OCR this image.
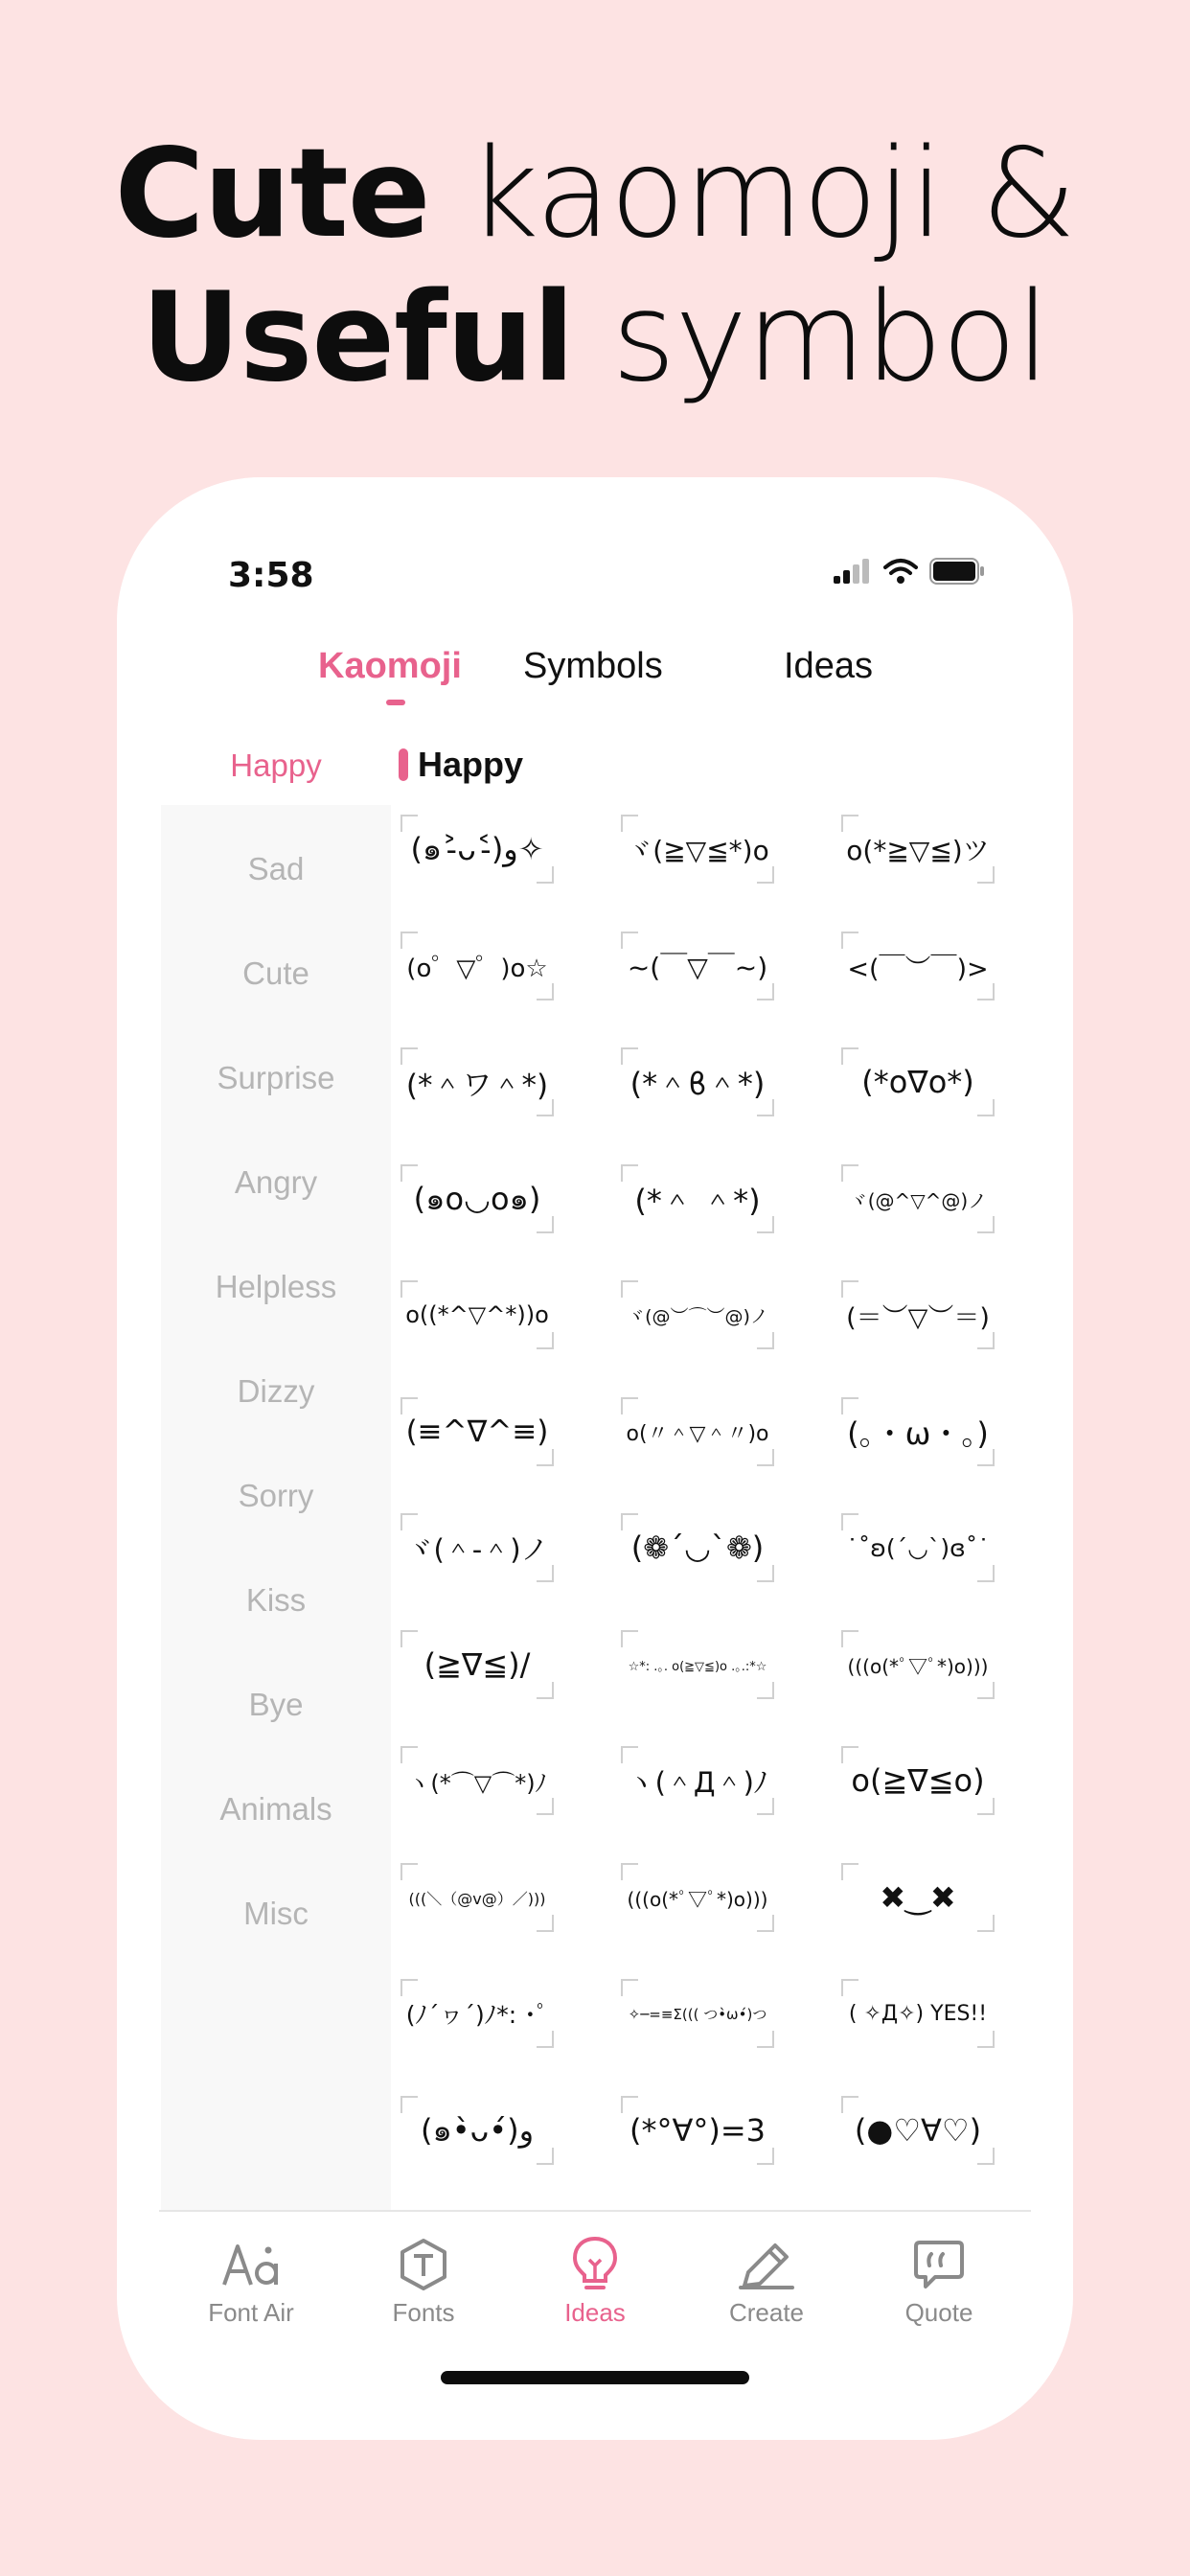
Cute kaomoji &
Useful symbol
3:58
Kaomoji Symbols	Ideas
Happy
Sad
Cute
Surprise
Angry
Helpless
Dizzy
Sorry
Kiss
Bye
Animals
Misc
Happy
(๑˃̵ᴗ˂̵)و✧	ヾ(≧▽≦*)o	o(*≧▽≦)ツ
(o゜▽゜)o☆	~(￣▽￣~)	<(￣︶￣)>
(*＾ワ＾*)	(*＾ϐ＾*)	(*o∇o*)
(๑o◡o๑)	(*＾ ＾*)	ヾ(@^▽^@)ノ
o((*^▽^*))o	ヾ(@︶⌒︶@)ノ	(＝︶▽︶＝)
(≡^∇^≡)	o(〃＾▽＾〃)o	(。・ω・。)
ヾ(＾-＾)ノ	(❁´◡`❁)	˙˚ʚ(´◡`)ɞ˚˙
(≧∇≦)/	☆*: .｡. o(≧▽≦)o .｡.:*☆	(((o(*ﾟ▽ﾟ*)o)))
ヽ(*⌒▽⌒*)ﾉ	ヽ(＾Д＾)ﾉ	o(≧∇≦o)
(((＼（@v@）／)))	(((o(*ﾟ▽ﾟ*)o)))	✖‿✖
(ﾉ´ヮ´)ﾉ*: ･ﾟ	✧─=≡Σ((( つ•̀ω•́)つ	( ✧Д✧) YES!!
(๑•̀ᴗ•́)و	(*°∀°)=3	(●♡∀♡)
Font Air	Fonts	Ideas	Create	Quote
